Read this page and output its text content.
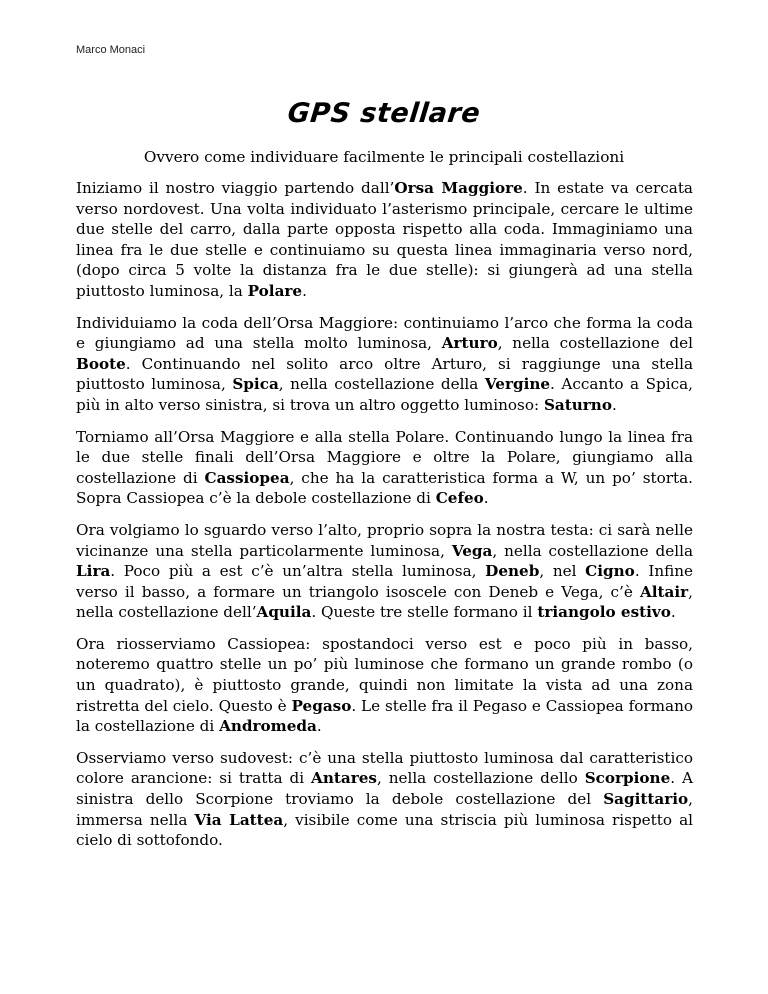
Marco Monaci
GPS stellare
Ovvero come individuare facilmente le principali costellazioni

Iniziamo il nostro viaggio partendo dall’Orsa Maggiore. In estate va cercata verso nordovest. Una volta individuato l’asterismo principale, cercare le ultime due stelle del carro, dalla parte opposta rispetto alla coda. Immaginiamo una linea fra le due stelle e continuiamo su questa linea immaginaria verso nord, (dopo circa 5 volte la distanza fra le due stelle): si giungerà ad una stella piuttosto luminosa, la Polare.

Individuiamo la coda dell’Orsa Maggiore: continuiamo l’arco che forma la coda e giungiamo ad una stella molto luminosa, Arturo, nella costellazione del Boote. Continuando nel solito arco oltre Arturo, si raggiunge una stella piuttosto luminosa, Spica, nella costellazione della Vergine. Accanto a Spica, più in alto verso sinistra, si trova un altro oggetto luminoso: Saturno.

Torniamo all’Orsa Maggiore e alla stella Polare. Continuando lungo la linea fra le due stelle finali dell’Orsa Maggiore e oltre la Polare, giungiamo alla costellazione di Cassiopea, che ha la caratteristica forma a W, un po’ storta. Sopra Cassiopea c’è la debole costellazione di Cefeo.

Ora volgiamo lo sguardo verso l’alto, proprio sopra la nostra testa: ci sarà nelle vicinanze una stella particolarmente luminosa, Vega, nella costellazione della Lira. Poco più a est c’è un’altra stella luminosa, Deneb, nel Cigno. Infine verso il basso, a formare un triangolo isoscele con Deneb e Vega, c’è Altair, nella costellazione dell’Aquila. Queste tre stelle formano il triangolo estivo.

Ora riosserviamo Cassiopea: spostandoci verso est e poco più in basso, noteremo quattro stelle un po’ più luminose che formano un grande rombo (o un quadrato), è piuttosto grande, quindi non limitate la vista ad una zona ristretta del cielo. Questo è Pegaso. Le stelle fra il Pegaso e Cassiopea formano la costellazione di Andromeda.

Osserviamo verso sudovest: c’è una stella piuttosto luminosa dal caratteristico colore arancione: si tratta di Antares, nella costellazione dello Scorpione. A sinistra dello Scorpione troviamo la debole costellazione del Sagittario, immersa nella Via Lattea, visibile come una striscia più luminosa rispetto al cielo di sottofondo.
